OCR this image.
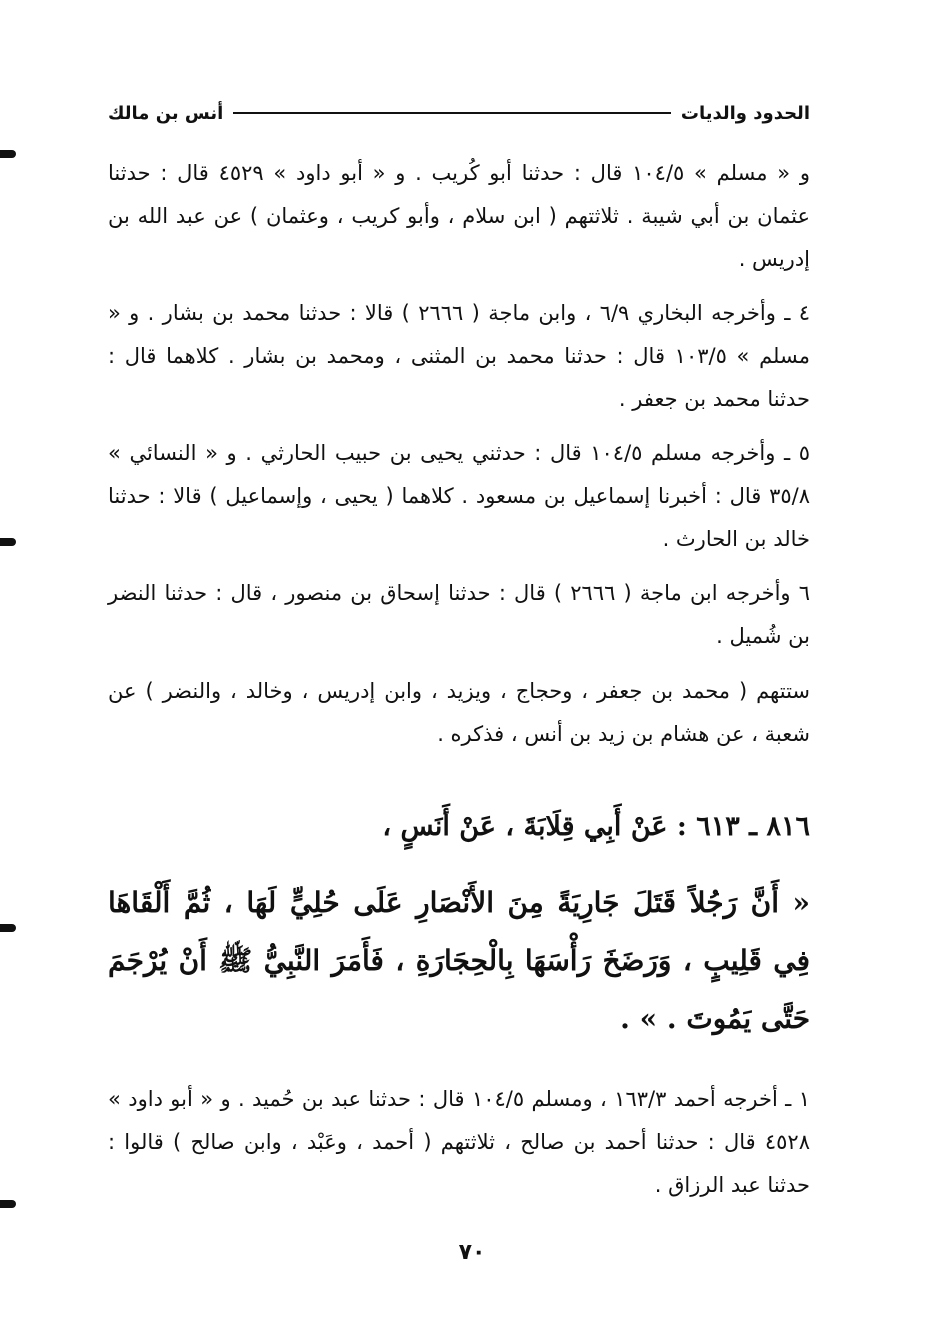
الحدود والديات
أنس بن مالك

و « مسلم » ١٠٤/٥ قال : حدثنا أبو كُريب . و « أبو داود » ٤٥٢٩ قال : حدثنا عثمان بن أبي شيبة . ثلاثتهم ( ابن سلام ، وأبو كريب ، وعثمان ) عن عبد الله بن إدريس .

٤ ـ وأخرجه البخاري ٦/٩ ، وابن ماجة ( ٢٦٦٦ ) قالا : حدثنا محمد بن بشار . و « مسلم » ١٠٣/٥ قال : حدثنا محمد بن المثنى ، ومحمد بن بشار . كلاهما قال : حدثنا محمد بن جعفر .

٥ ـ وأخرجه مسلم ١٠٤/٥ قال : حدثني يحيى بن حبيب الحارثي . و « النسائي » ٣٥/٨ قال : أخبرنا إسماعيل بن مسعود . كلاهما ( يحيى ، وإسماعيل ) قالا : حدثنا خالد بن الحارث .

٦ وأخرجه ابن ماجة ( ٢٦٦٦ ) قال : حدثنا إسحاق بن منصور ، قال : حدثنا النضر بن شُميل .

ستتهم ( محمد بن جعفر ، وحجاج ، ويزيد ، وابن إدريس ، وخالد ، والنضر ) عن شعبة ، عن هشام بن زيد بن أنس ، فذكره .

٨١٦ ـ ٦١٣ : عَنْ أَبِي قِلَابَةَ ، عَنْ أَنَسٍ ،

« أَنَّ رَجُلاً قَتَلَ جَارِيَةً مِنَ الأَنْصَارِ عَلَى حُلِيٍّ لَهَا ، ثُمَّ أَلْقَاهَا فِي قَلِيبٍ ، وَرَضَخَ رَأْسَهَا بِالْحِجَارَةِ ، فَأَمَرَ النَّبِيُّ ﷺ أَنْ يُرْجَمَ حَتَّى يَمُوتَ . » .

١ ـ أخرجه أحمد ١٦٣/٣ ، ومسلم ١٠٤/٥ قال : حدثنا عبد بن حُميد . و « أبو داود » ٤٥٢٨ قال : حدثنا أحمد بن صالح ، ثلاثتهم ( أحمد ، وعَبْد ، وابن صالح ) قالوا : حدثنا عبد الرزاق .

٧٠
